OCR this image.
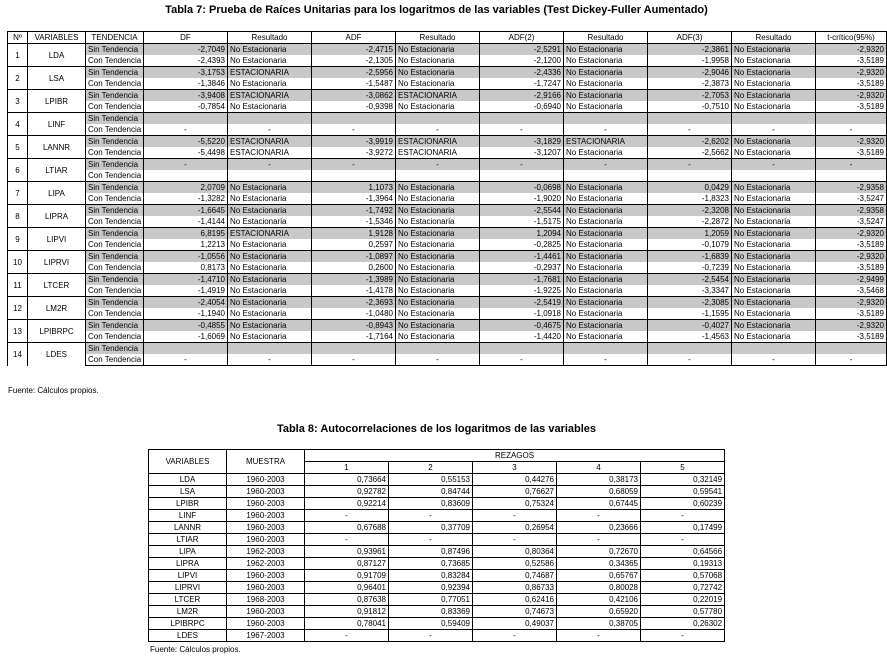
Tabla 7: Prueba de Raíces Unitarias para los logaritmos de las variables (Test Dickey-Fuller Aumentado)
Nº	VARIABLES	TENDENCIA	DF	Resultado	ADF	Resultado	ADF(2)	Resultado	ADF(3)	Resultado	t-crítico(95%)
1	LDA	Sin Tendencia	-2,7049	No Estacionaria	-2,4715	No Estacionaria	-2,5291	No Estacionaria	-2,3861	No Estacionaria	-2,9320
		Con Tendencia	-2,4393	No Estacionaria	-2,1305	No Estacionaria	-2,1200	No Estacionaria	-1,9958	No Estacionaria	-3,5189
2	LSA	Sin Tendencia	-3,1753	ESTACIONARIA	-2,5956	No Estacionaria	-2,4336	No Estacionaria	-2,9046	No Estacionaria	-2,9320
		Con Tendencia	-1,3846	No Estacionaria	-1,5487	No Estacionaria	-1,7247	No Estacionaria	-2,3873	No Estacionaria	-3,5189
3	LPIBR	Sin Tendencia	-3,9408	ESTACIONARIA	-3,0862	ESTACIONARIA	-2,9166	No Estacionaria	-2,7053	No Estacionaria	-2,9320
		Con Tendencia	-0,7854	No Estacionaria	-0,9398	No Estacionaria	-0,6940	No Estacionaria	-0,7510	No Estacionaria	-3,5189
4	LINF	Sin Tendencia									
		Con Tendencia	-	-	-	-	-	-	-	-	-
5	LANNR	Sin Tendencia	-5,5220	ESTACIONARIA	-3,9919	ESTACIONARIA	-3,1829	ESTACIONARIA	-2,6202	No Estacionaria	-2,9320
		Con Tendencia	-5,4498	ESTACIONARIA	-3,9272	ESTACIONARIA	-3,1207	No Estacionaria	-2,5662	No Estacionaria	-3,5189
6	LTIAR	Sin Tendencia	-	-	-	-	-	-	-	-	-
		Con Tendencia									
7	LIPA	Sin Tendencia	2,0709	No Estacionaria	1,1073	No Estacionaria	-0,0698	No Estacionaria	0,0429	No Estacionaria	-2,9358
		Con Tendencia	-1,3282	No Estacionaria	-1,3964	No Estacionaria	-1,9020	No Estacionaria	-1,8323	No Estacionaria	-3,5247
8	LIPRA	Sin Tendencia	-1,6645	No Estacionaria	-1,7492	No Estacionaria	-2,5544	No Estacionaria	-2,3208	No Estacionaria	-2,9358
		Con Tendencia	-1,4144	No Estacionaria	-1,5346	No Estacionaria	-1,5175	No Estacionaria	-2,2872	No Estacionaria	-3,5247
9	LIPVI	Sin Tendencia	6,8195	ESTACIONARIA	1,9128	No Estacionaria	1,2094	No Estacionaria	1,2059	No Estacionaria	-2,9320
		Con Tendencia	1,2213	No Estacionaria	0,2597	No Estacionaria	-0,2825	No Estacionaria	-0,1079	No Estacionaria	-3,5189
10	LIPRVI	Sin Tendencia	-1,0556	No Estacionaria	-1,0897	No Estacionaria	-1,4461	No Estacionaria	-1,6839	No Estacionaria	-2,9320
		Con Tendencia	0,8173	No Estacionaria	0,2600	No Estacionaria	-0,2937	No Estacionaria	-0,7239	No Estacionaria	-3,5189
11	LTCER	Sin Tendencia	-1,4710	No Estacionaria	-1,3989	No Estacionaria	-1,7681	No Estacionaria	-2,5454	No Estacionaria	-2,9499
		Con Tendencia	-1,4919	No Estacionaria	-1,4178	No Estacionaria	-1,9225	No Estacionaria	-3,3347	No Estacionaria	-3,5468
12	LM2R	Sin Tendencia	-2,4054	No Estacionaria	-2,3693	No Estacionaria	-2,5419	No Estacionaria	-2,3085	No Estacionaria	-2,9320
		Con Tendencia	-1,1940	No Estacionaria	-1,0480	No Estacionaria	-1,0918	No Estacionaria	-1,1595	No Estacionaria	-3,5189
13	LPIBRPC	Sin Tendencia	-0,4855	No Estacionaria	-0,8943	No Estacionaria	-0,4675	No Estacionaria	-0,4027	No Estacionaria	-2,9320
		Con Tendencia	-1,6069	No Estacionaria	-1,7164	No Estacionaria	-1,4420	No Estacionaria	-1,4563	No Estacionaria	-3,5189
14	LDES	Sin Tendencia									
		Con Tendencia	-	-	-	-	-	-	-	-	-
Fuente: Cálculos propios.
Tabla 8: Autocorrelaciones de los logaritmos de las variables
VARIABLES	MUESTRA	REZAGOS				
		1	2	3	4	5
LDA	1960-2003	0,73664	0,55153	0,44276	0,38173	0,32149
LSA	1960-2003	0,92782	0,84744	0,76627	0,68059	0,59541
LPIBR	1960-2003	0,92214	0,83609	0,75324	0,67445	0,60239
LINF	1960-2003	-	-	-	-	-
LANNR	1960-2003	0,67688	0,37709	0,26954	0,23666	0,17499
LTIAR	1960-2003	-	-	-	-	-
LIPA	1962-2003	0,93961	0,87496	0,80364	0,72670	0,64566
LIPRA	1962-2003	0,87127	0,73685	0,52586	0,34365	0,19313
LIPVI	1960-2003	0,91709	0,83284	0,74687	0,65767	0,57068
LIPRVI	1960-2003	0,96401	0,92394	0,86733	0,80028	0,72742
LTCER	1968-2003	0,87638	0,77051	0,62416	0,42106	0,22019
LM2R	1960-2003	0,91812	0,83369	0,74673	0,65920	0,57780
LPIBRPC	1960-2003	0,78041	0,59409	0,49037	0,38705	0,26302
LDES	1967-2003	-	-	-	-	-
Fuente: Cálculos propios.
